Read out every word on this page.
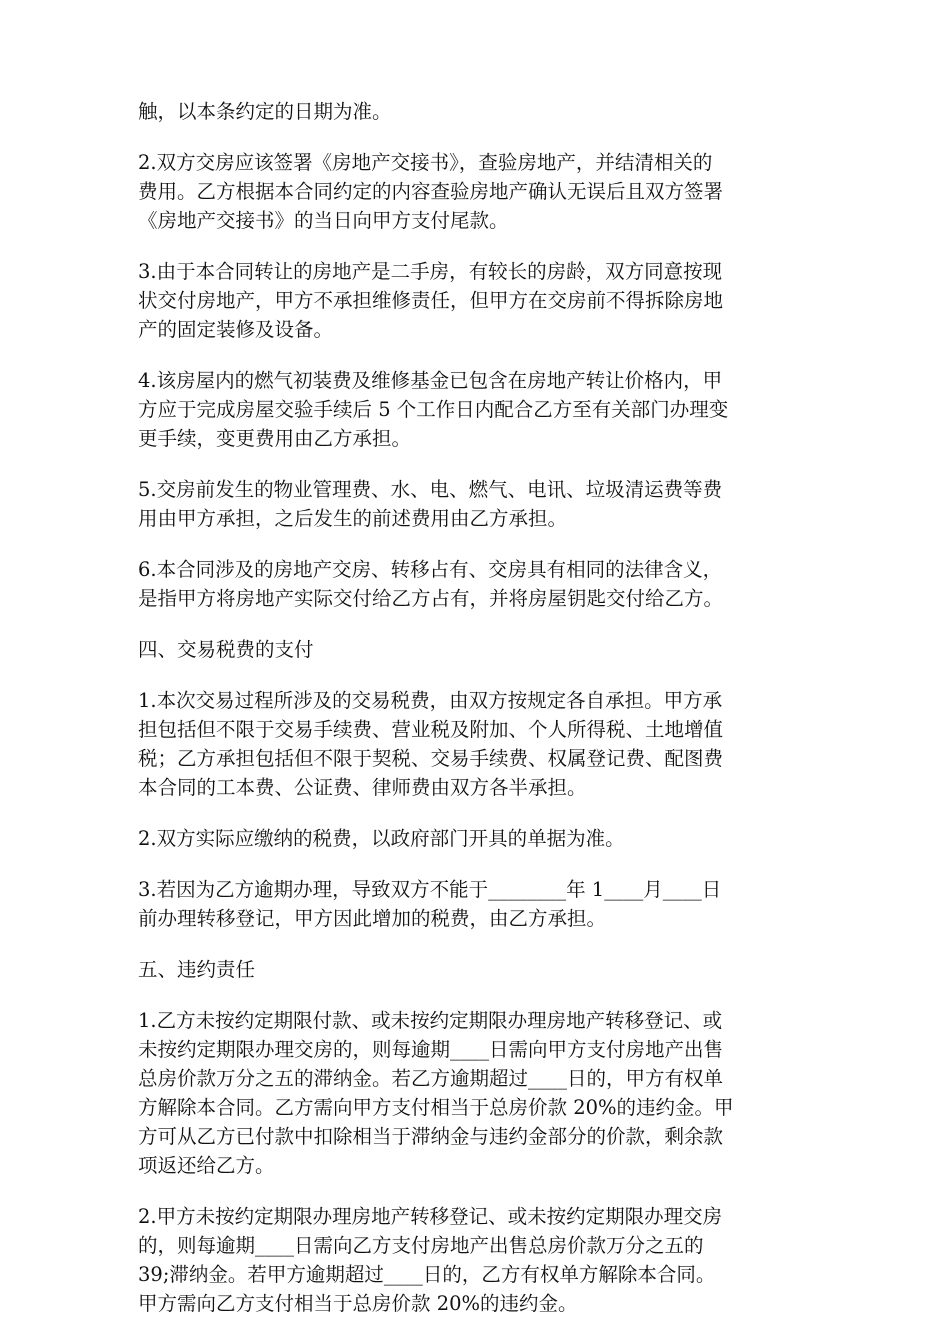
触，以本条约定的日期为准。
2.双方交房应该签署《房地产交接书》，查验房地产，并结清相关的
费用。乙方根据本合同约定的内容查验房地产确认无误后且双方签署
《房地产交接书》的当日向甲方支付尾款。
3.由于本合同转让的房地产是二手房，有较长的房龄，双方同意按现
状交付房地产，甲方不承担维修责任，但甲方在交房前不得拆除房地
产的固定装修及设备。
4.该房屋内的燃气初装费及维修基金已包含在房地产转让价格内，甲
方应于完成房屋交验手续后 5 个工作日内配合乙方至有关部门办理变
更手续，变更费用由乙方承担。
5.交房前发生的物业管理费、水、电、燃气、电讯、垃圾清运费等费
用由甲方承担，之后发生的前述费用由乙方承担。
6.本合同涉及的房地产交房、转移占有、交房具有相同的法律含义，
是指甲方将房地产实际交付给乙方占有，并将房屋钥匙交付给乙方。
四、交易税费的支付
1.本次交易过程所涉及的交易税费，由双方按规定各自承担。甲方承
担包括但不限于交易手续费、营业税及附加、个人所得税、土地增值
税；乙方承担包括但不限于契税、交易手续费、权属登记费、配图费
本合同的工本费、公证费、律师费由双方各半承担。
2.双方实际应缴纳的税费，以政府部门开具的单据为准。
3.若因为乙方逾期办理，导致双方不能于________年 1____月____日
前办理转移登记，甲方因此增加的税费，由乙方承担。
五、违约责任
1.乙方未按约定期限付款、或未按约定期限办理房地产转移登记、或
未按约定期限办理交房的，则每逾期____日需向甲方支付房地产出售
总房价款万分之五的滞纳金。若乙方逾期超过____日的，甲方有权单
方解除本合同。乙方需向甲方支付相当于总房价款 20%的违约金。甲
方可从乙方已付款中扣除相当于滞纳金与违约金部分的价款，剩余款
项返还给乙方。
2.甲方未按约定期限办理房地产转移登记、或未按约定期限办理交房
的，则每逾期____日需向乙方支付房地产出售总房价款万分之五的
39;滞纳金。若甲方逾期超过____日的，乙方有权单方解除本合同。
甲方需向乙方支付相当于总房价款 20%的违约金。
